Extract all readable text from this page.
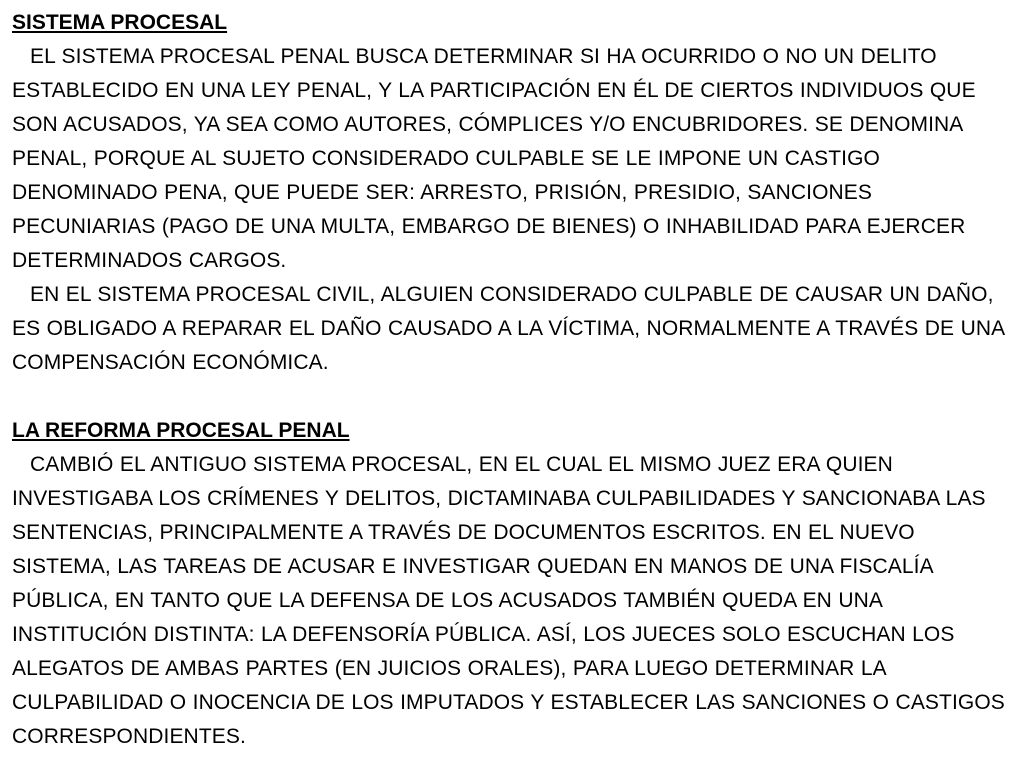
SISTEMA PROCESAL

EL SISTEMA PROCESAL PENAL BUSCA DETERMINAR SI HA OCURRIDO O NO UN DELITO ESTABLECIDO EN UNA LEY PENAL, Y LA PARTICIPACIÓN EN ÉL DE CIERTOS INDIVIDUOS QUE SON ACUSADOS, YA SEA COMO AUTORES, CÓMPLICES Y/O ENCUBRIDORES. SE DENOMINA PENAL, PORQUE AL SUJETO CONSIDERADO CULPABLE SE LE IMPONE UN CASTIGO DENOMINADO PENA, QUE PUEDE SER: ARRESTO, PRISIÓN, PRESIDIO, SANCIONES PECUNIARIAS (PAGO DE UNA MULTA, EMBARGO DE BIENES) O INHABILIDAD PARA EJERCER DETERMINADOS CARGOS.

EN EL SISTEMA PROCESAL CIVIL, ALGUIEN CONSIDERADO CULPABLE DE CAUSAR UN DAÑO, ES OBLIGADO A REPARAR EL DAÑO CAUSADO A LA VÍCTIMA, NORMALMENTE A TRAVÉS DE UNA COMPENSACIÓN ECONÓMICA.

LA REFORMA PROCESAL PENAL

CAMBIÓ EL ANTIGUO SISTEMA PROCESAL, EN EL CUAL EL MISMO JUEZ ERA QUIEN INVESTIGABA LOS CRÍMENES Y DELITOS, DICTAMINABA CULPABILIDADES Y SANCIONABA LAS SENTENCIAS, PRINCIPALMENTE A TRAVÉS DE DOCUMENTOS ESCRITOS. EN EL NUEVO SISTEMA, LAS TAREAS DE ACUSAR E INVESTIGAR QUEDAN EN MANOS DE UNA FISCALÍA PÚBLICA, EN TANTO QUE LA DEFENSA DE LOS ACUSADOS TAMBIÉN QUEDA EN UNA INSTITUCIÓN DISTINTA: LA DEFENSORÍA PÚBLICA. ASÍ, LOS JUECES SOLO ESCUCHAN LOS ALEGATOS DE AMBAS PARTES (EN JUICIOS ORALES), PARA LUEGO DETERMINAR LA CULPABILIDAD O INOCENCIA DE LOS IMPUTADOS Y ESTABLECER LAS SANCIONES O CASTIGOS CORRESPONDIENTES.
